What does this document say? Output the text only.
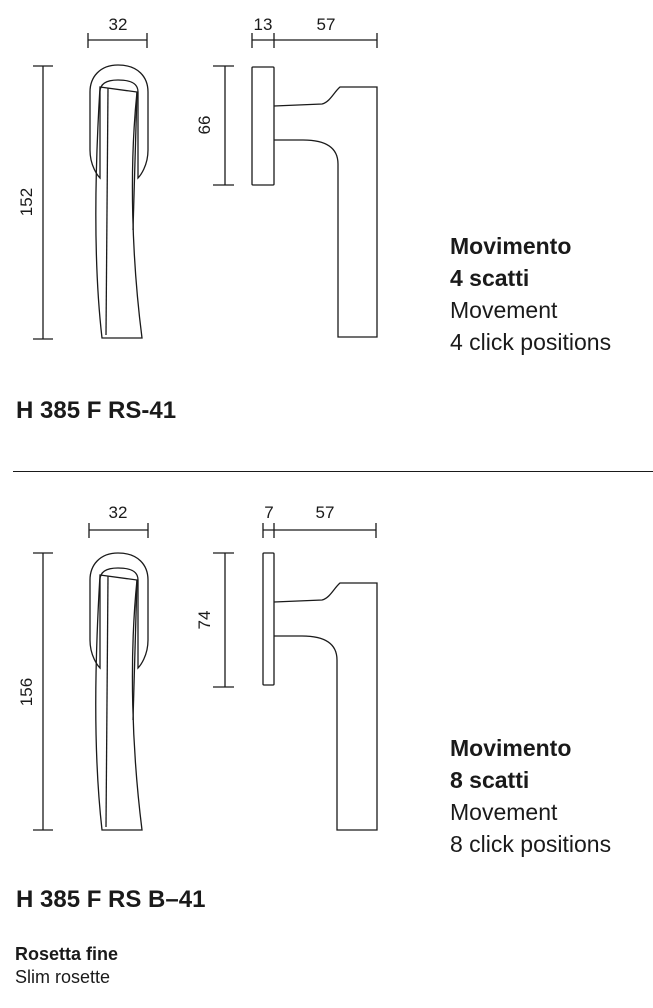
32	13	57
66
152
32	7 57
74
156
Movimento
4 scatti
Movement
4 click positions
H 385 F RS-41
Movimento
8 scatti
Movement
8 click positions
H 385 F RS B–41
Rosetta fine
Slim rosette
